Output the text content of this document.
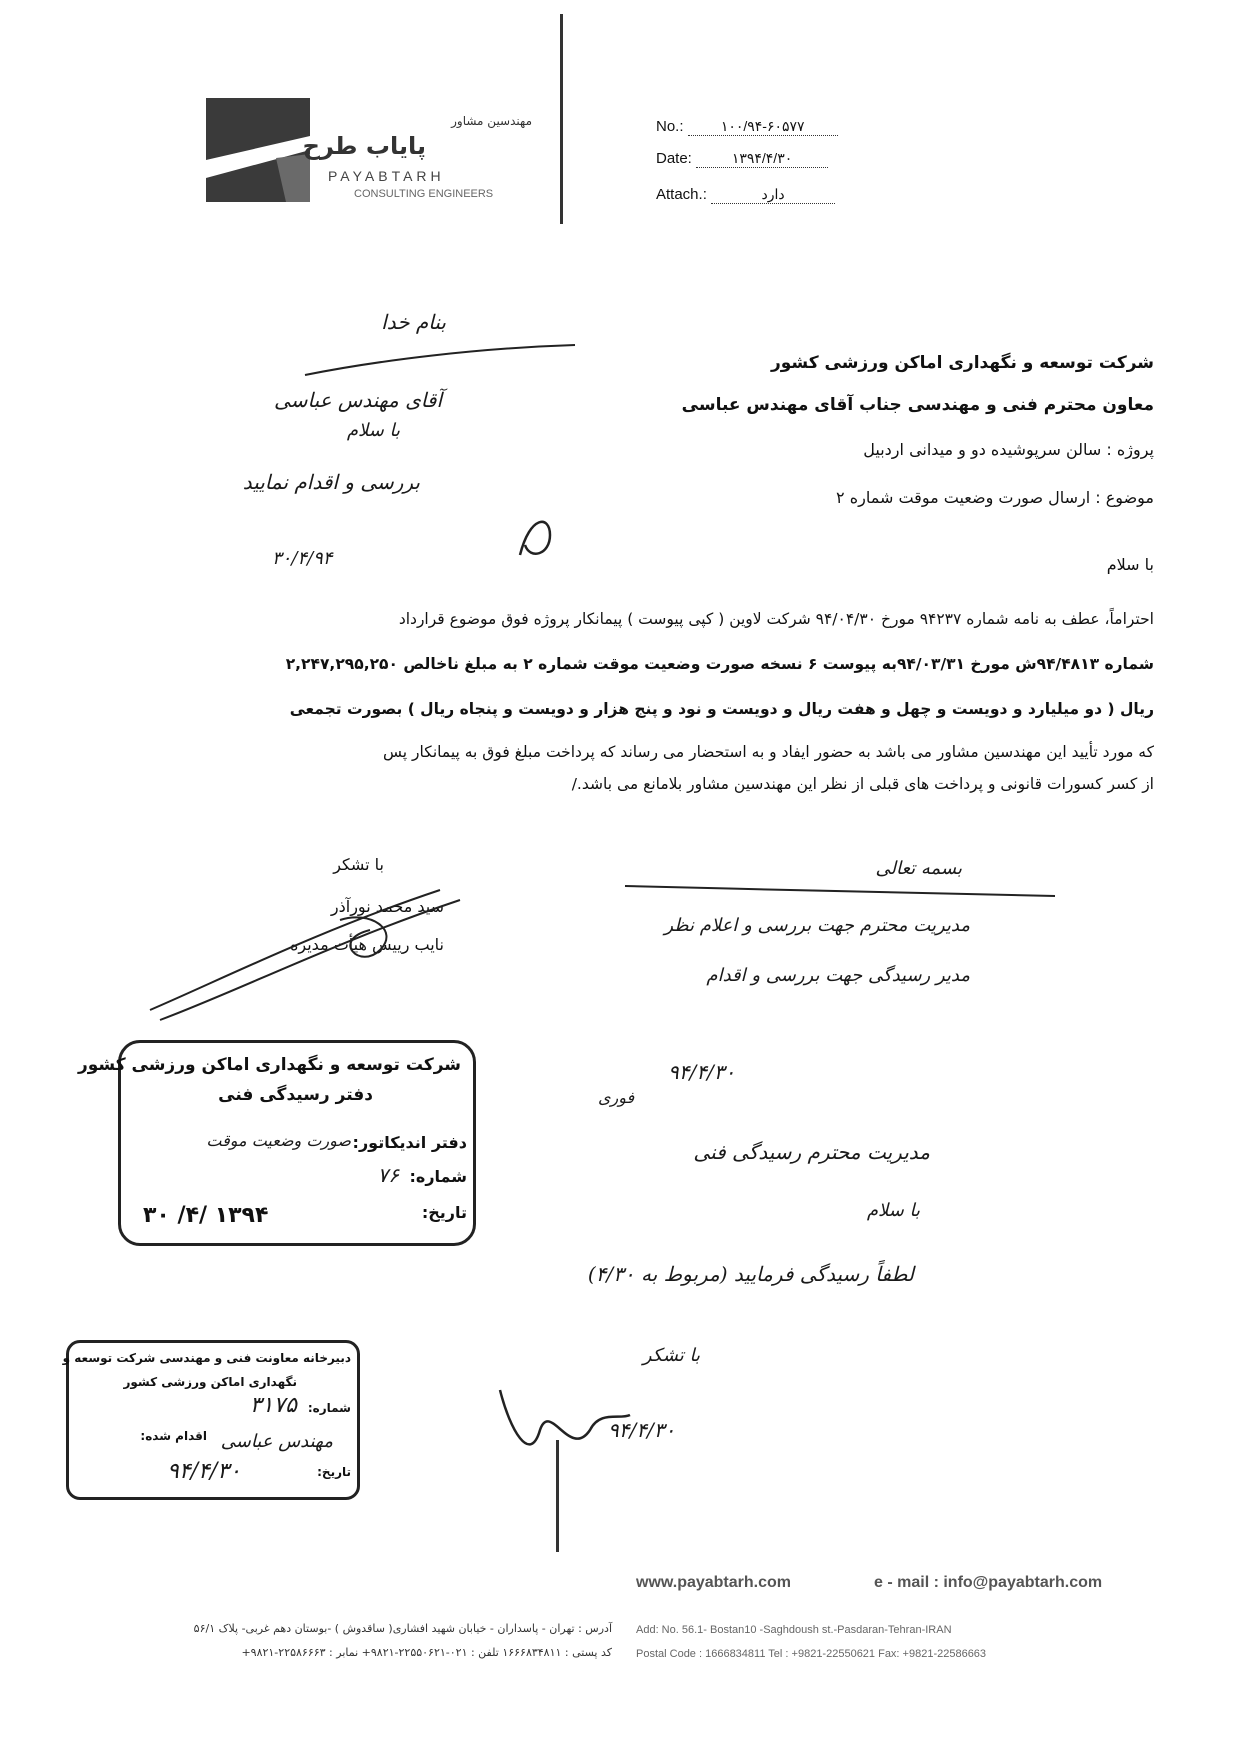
مهندسین مشاور
پایاب طرح
PAYABTARH
CONSULTING ENGINEERS
No.:	۱۰۰/۹۴-۶۰۵۷۷
Date:	۱۳۹۴/۴/۳۰
Attach.:	دارد
شرکت توسعه و نگهداری اماکن ورزشی کشور
معاون محترم فنی و مهندسی جناب آقای مهندس عباسی
پروژه : سالن سرپوشیده دو و میدانی اردبیل
موضوع : ارسال صورت وضعیت موقت شماره ۲
با سلام
احتراماً، عطف به نامه شماره ۹۴۲۳۷ مورخ ۹۴/۰۴/۳۰ شرکت لاوین ( کپی پیوست ) پیمانکار پروژه فوق موضوع قرارداد
شماره ۹۴/۴۸۱۳ش مورخ ۹۴/۰۳/۳۱به پیوست ۶ نسخه صورت وضعیت موقت شماره ۲ به مبلغ ناخالص ۲,۲۴۷,۲۹۵,۲۵۰
ریال ( دو میلیارد و دویست و چهل و هفت ریال و دویست و نود و پنج هزار و دویست و پنجاه ریال ) بصورت تجمعی
که مورد تأیید این مهندسین مشاور می باشد به حضور ایفاد و به استحضار می رساند که پرداخت مبلغ فوق به پیمانکار پس
از کسر کسورات قانونی و پرداخت های قبلی از نظر این مهندسین مشاور بلامانع می باشد./
با تشکر
سید محمد نورآذر
نایب رییس هیأت مدیره
بنام خدا
آقای مهندس عباسی
با سلام
بررسی و اقدام نمایید
۳۰/۴/۹۴
بسمه تعالی
مدیریت محترم جهت بررسی و اعلام نظر
مدیر رسیدگی جهت بررسی و اقدام
۹۴/۴/۳۰
فوری
مدیریت محترم رسیدگی فنی
با سلام
لطفاً رسیدگی فرمایید (مربوط به ۴/۳۰)
با تشکر
۹۴/۴/۳۰
شرکت توسعه و نگهداری اماکن ورزشی کشور
دفتر رسیدگی فنی
دفتر اندیکاتور:
صورت وضعیت موقت
شماره:
۷۶
تاریخ:
۱۳۹۴ /۴/ ۳۰
دبیرخانه معاونت فنی و مهندسی شرکت توسعه و
نگهداری اماکن ورزشی کشور
شماره:
۳۱۷۵
اقدام شده: مهندس عباسی
تاریخ:
۹۴/۴/۳۰
www.payabtarh.com	e - mail : info@payabtarh.com
آدرس : تهران - پاسداران - خیابان شهید افشاری( ساقدوش ) -بوستان دهم غربی- پلاک ۵۶/۱
کد پستی : ۱۶۶۶۸۳۴۸۱۱ تلفن : ۰۲۱-۲۲۵۵۰۶۲۱-۹۸۲۱+ نمابر : ۲۲۵۸۶۶۶۳-۹۸۲۱+
Add: No. 56.1- Bostan10 -Saghdoush st.-Pasdaran-Tehran-IRAN
Postal Code : 1666834811 Tel : +9821-22550621 Fax: +9821-22586663
